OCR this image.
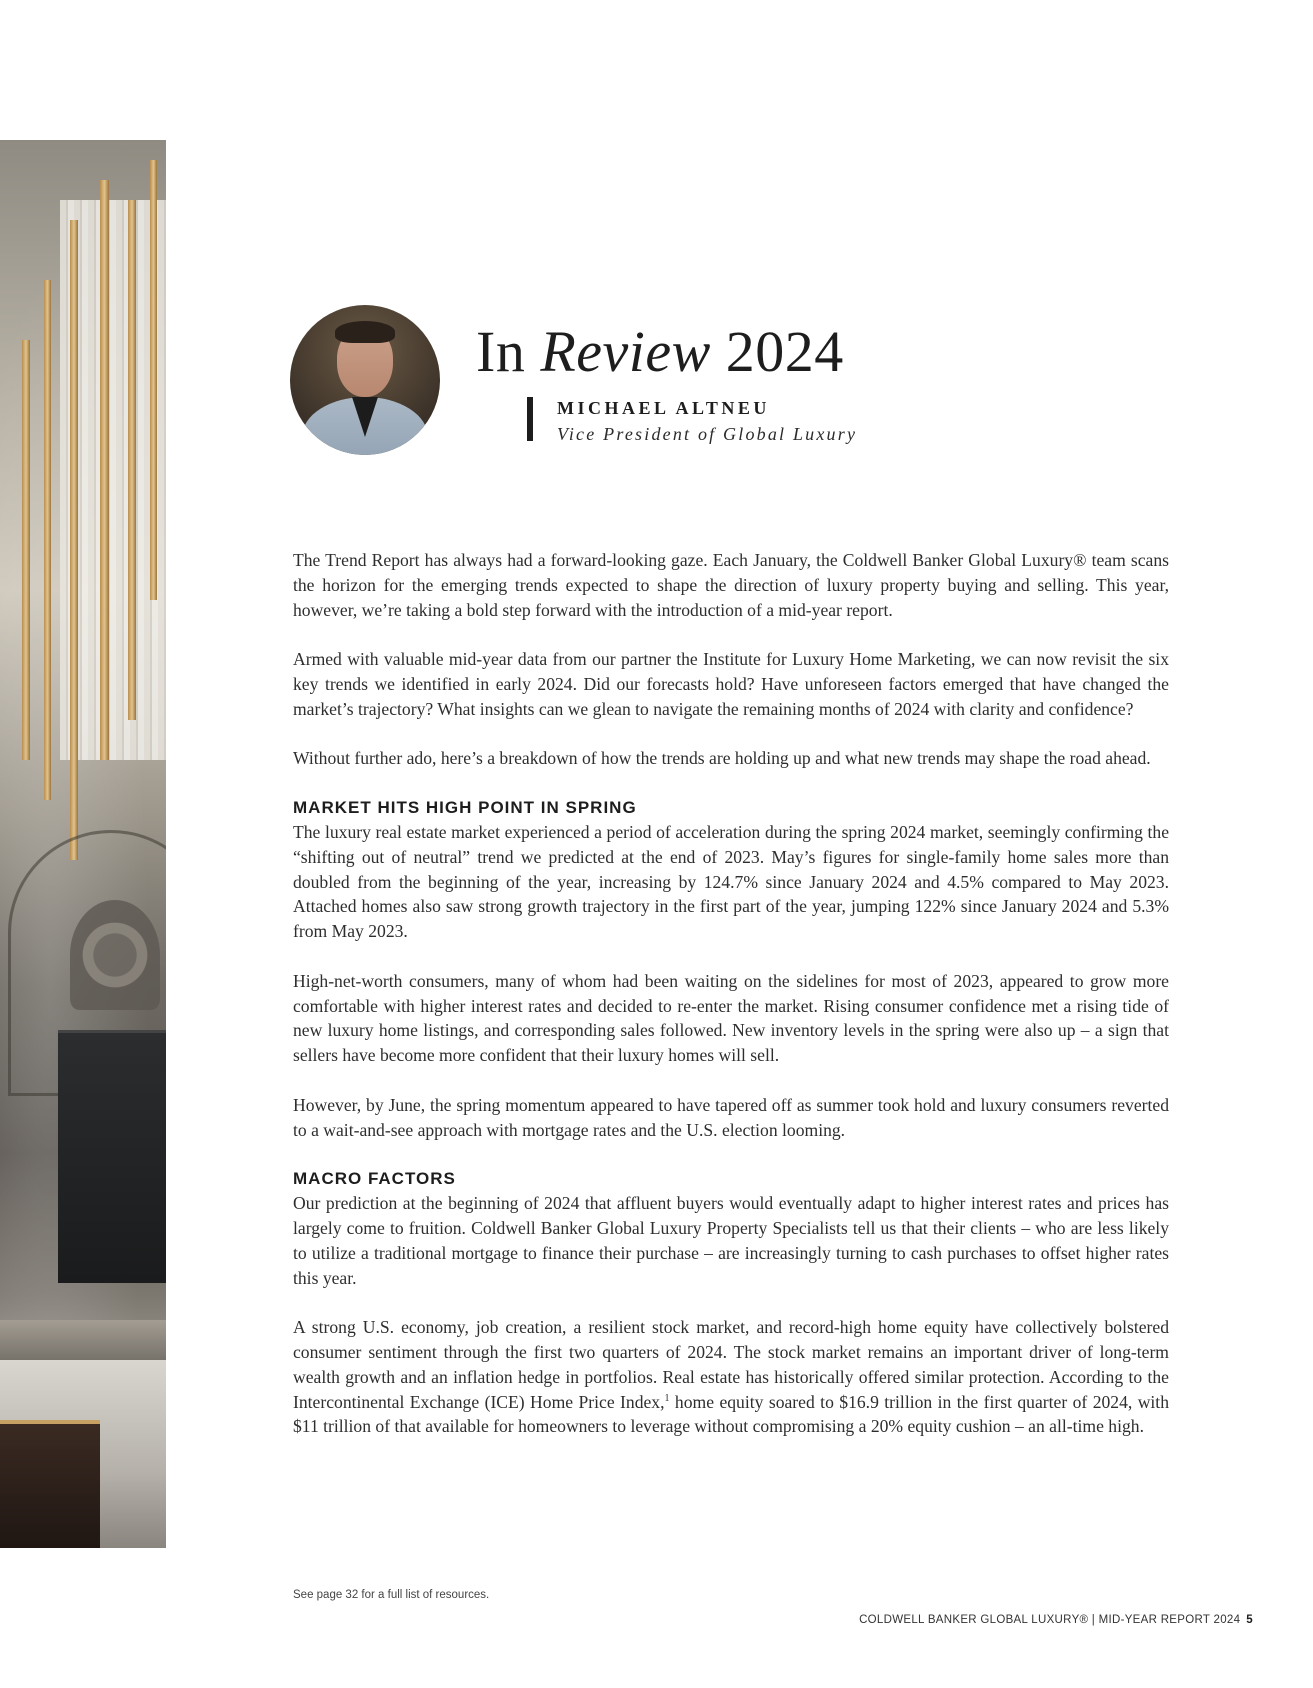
In Review 2024
MICHAEL ALTNEU
Vice President of Global Luxury

The Trend Report has always had a forward-looking gaze. Each January, the Coldwell Banker Global Luxury® team scans the horizon for the emerging trends expected to shape the direction of luxury property buying and selling. This year, however, we’re taking a bold step forward with the introduction of a mid-year report.

Armed with valuable mid-year data from our partner the Institute for Luxury Home Marketing, we can now revisit the six key trends we identified in early 2024. Did our forecasts hold? Have unforeseen factors emerged that have changed the market’s trajectory? What insights can we glean to navigate the remaining months of 2024 with clarity and confidence?

Without further ado, here’s a breakdown of how the trends are holding up and what new trends may shape the road ahead.

MARKET HITS HIGH POINT IN SPRING

The luxury real estate market experienced a period of acceleration during the spring 2024 market, seemingly confirming the “shifting out of neutral” trend we predicted at the end of 2023. May’s figures for single-family home sales more than doubled from the beginning of the year, increasing by 124.7% since January 2024 and 4.5% compared to May 2023. Attached homes also saw strong growth trajectory in the first part of the year, jumping 122% since January 2024 and 5.3% from May 2023.

High-net-worth consumers, many of whom had been waiting on the sidelines for most of 2023, appeared to grow more comfortable with higher interest rates and decided to re-enter the market. Rising consumer confidence met a rising tide of new luxury home listings, and corresponding sales followed. New inventory levels in the spring were also up – a sign that sellers have become more confident that their luxury homes will sell.

However, by June, the spring momentum appeared to have tapered off as summer took hold and luxury consumers reverted to a wait-and-see approach with mortgage rates and the U.S. election looming.

MACRO FACTORS

Our prediction at the beginning of 2024 that affluent buyers would eventually adapt to higher interest rates and prices has largely come to fruition. Coldwell Banker Global Luxury Property Specialists tell us that their clients – who are less likely to utilize a traditional mortgage to finance their purchase – are increasingly turning to cash purchases to offset higher rates this year.

A strong U.S. economy, job creation, a resilient stock market, and record-high home equity have collectively bolstered consumer sentiment through the first two quarters of 2024. The stock market remains an important driver of long-term wealth growth and an inflation hedge in portfolios. Real estate has historically offered similar protection. According to the Intercontinental Exchange (ICE) Home Price Index,$^1$ home equity soared to $16.9 trillion in the first quarter of 2024, with $11 trillion of that available for homeowners to leverage without compromising a 20% equity cushion – an all-time high.

See page 32 for a full list of resources.
COLDWELL BANKER GLOBAL LUXURY® | MID-YEAR REPORT 2024 5
